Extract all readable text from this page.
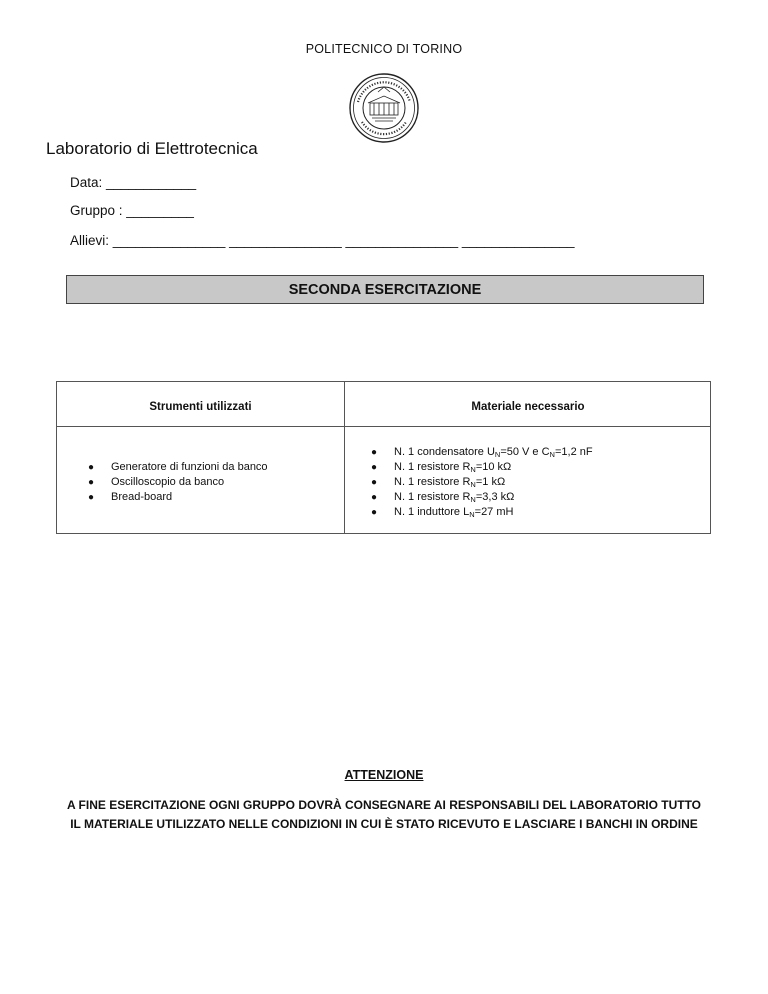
POLITECNICO DI TORINO
Laboratorio di Elettrotecnica
Data: ____________
Gruppo : _________
Allievi: _______________ _______________ _______________ _______________
SECONDA ESERCITAZIONE
Strumenti utilizzati	Materiale necessario
● Generatore di funzioni da banco
● Oscilloscopio da banco
● Bread-board
● N. 1 condensatore $U_N=50$ V e $C_N=1,2$ nF
● N. 1 resistore $R_N=10$ kΩ
● N. 1 resistore $R_N=1$ kΩ
● N. 1 resistore $R_N=3,3$ kΩ
● N. 1 induttore $L_N=27$ mH
ATTENZIONE
A FINE ESERCITAZIONE OGNI GRUPPO DOVRÀ CONSEGNARE AI RESPONSABILI DEL LABORATORIO TUTTO IL MATERIALE UTILIZZATO NELLE CONDIZIONI IN CUI È STATO RICEVUTO E LASCIARE I BANCHI IN ORDINE
